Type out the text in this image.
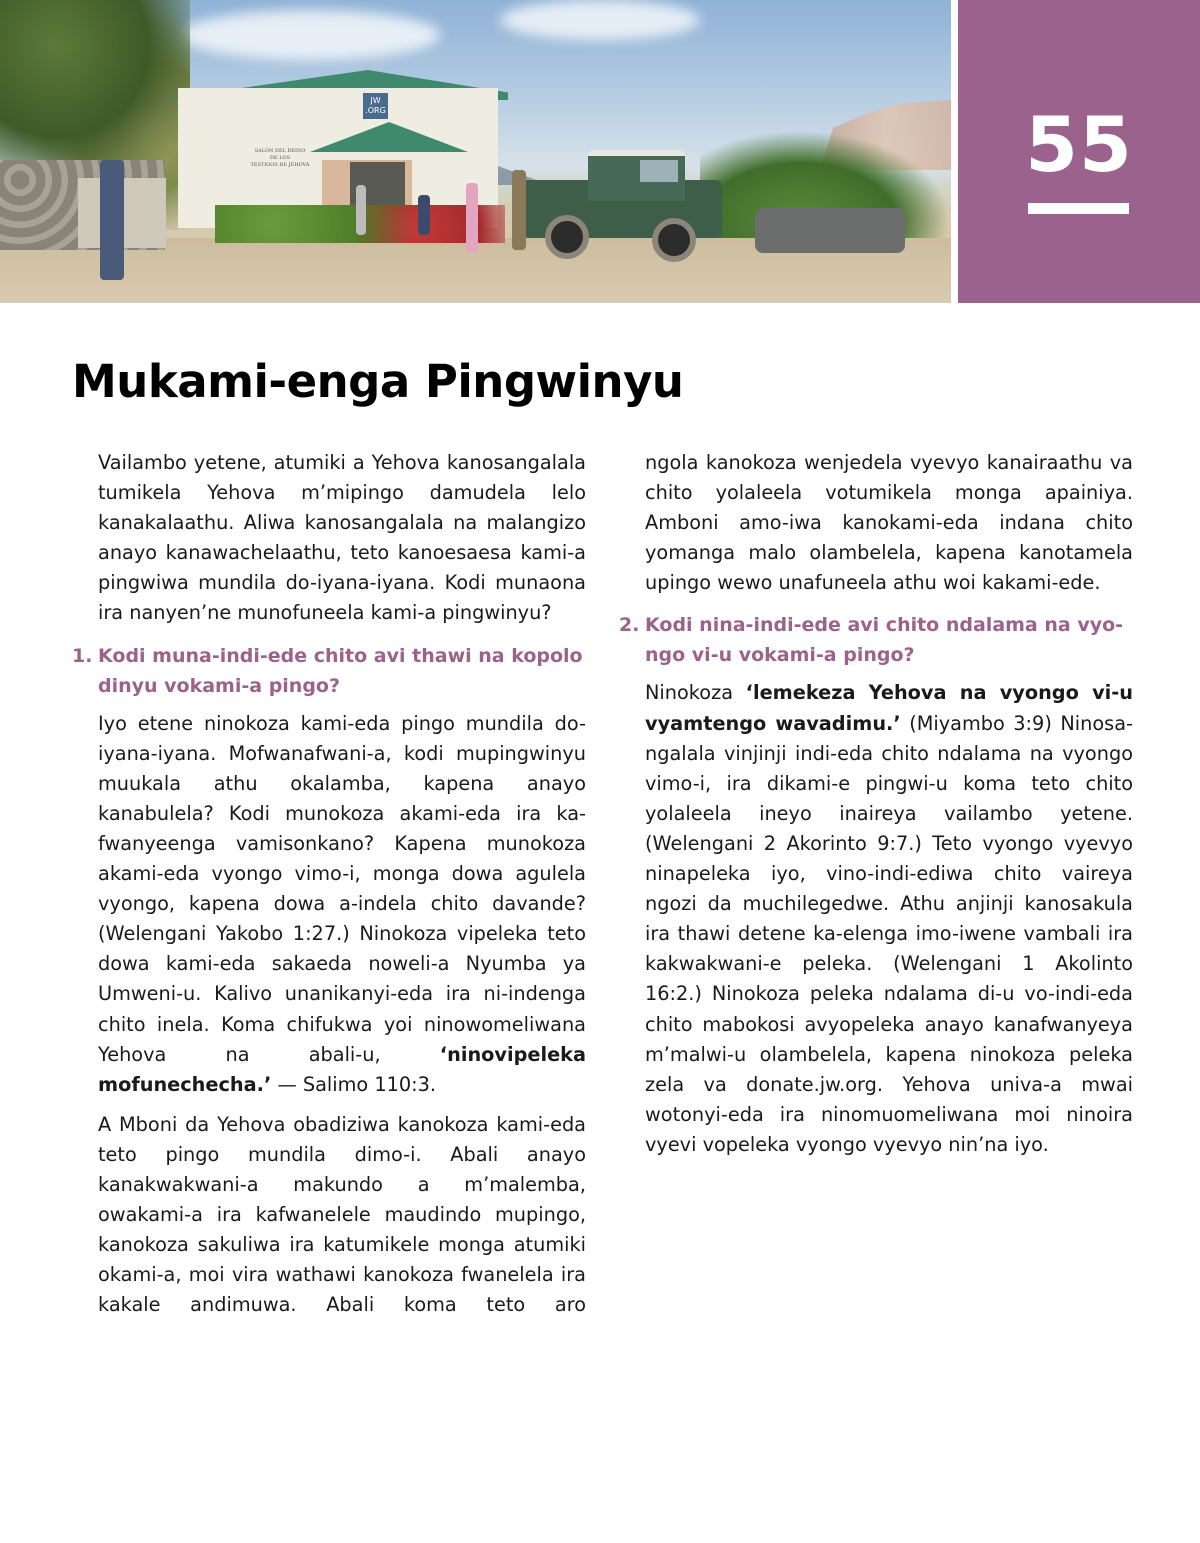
JW
.ORG
SALÓN DEL REINO
DE LOS
TESTIGOS DE JEHOVÁ	55
Mukami-enga Pingwinyu

Vailambo yetene, atumiki a Yehova kanosangalala tumikela Yehova m’mipingo damudela lelo kanakalaathu. Aliwa kanosangalala na malangizo anayo kanawachelaathu, teto kanoesaesa kami-a pingwiwa mundila do-iyana-iyana. Kodi munaona ira nanyen’ne munofuneela kami-a pingwinyu?

1. Kodi muna-indi-ede chito avi thawi na kopolo dinyu vokami-a pingo?

Iyo etene ninokoza kami-eda pingo mundila do-iyana-iyana. Mofwanafwani-a, kodi mupingwinyu muukala athu okalamba, kapena anayo kanabulela? Kodi munokoza akami-eda ira kafwanyeenga vamisonkano? Kapena munokoza akami-eda vyongo vimo-i, monga dowa agulela vyongo, kapena dowa a-indela chito davande? (Welengani Yakobo 1:27.) Ninokoza vipeleka teto dowa kami-eda sakaeda noweli-a Nyumba ya Umweni-u. Kalivo unanikanyi-eda ira ni-indenga chito inela. Koma chifukwa yoi ninowomeliwana Yehova na abali-u, ‘ninovipeleka mofunechecha.’ — Salimo 110:3.

A Mboni da Yehova obadiziwa kanokoza kami-eda teto pingo mundila dimo-i. Abali anayo kanakwakwani-a makundo a m’malemba, owakami-a ira kafwanelele maudindo mupingo, kanokoza sakuliwa ira katumikele monga atumiki okami-a, moi vira wathawi kanokoza fwanelela ira kakale andimuwa. Abali koma teto aro

ngola kanokoza wenjedela vyevyo kanairaathu va chito yolaleela votumikela monga apainiya. Amboni amo-iwa kanokami-eda indana chito yomanga malo olambelela, kapena kanotamela upingo wewo unafuneela athu woi kakami-ede.

2. Kodi nina-indi-ede avi chito ndalama na vyongo vi-u vokami-a pingo?

Ninokoza ‘lemekeza Yehova na vyongo vi-u vyamtengo wavadimu.’ (Miyambo 3:9) Ninosangalala vinjinji indi-eda chito ndalama na vyongo vimo-i, ira dikami-e pingwi-u koma teto chito yolaleela ineyo inaireya vailambo yetene. (Welengani 2 Akorinto 9:7.) Teto vyongo vyevyo ninapeleka iyo, vino-indi-ediwa chito vaireya ngozi da muchilegedwe. Athu anjinji kanosakula ira thawi detene ka-elenga imo-iwene vambali ira kakwakwani-e peleka. (Welengani 1 Akolinto 16:2.) Ninokoza peleka ndalama di-u vo-indi-eda chito mabokosi avyopeleka anayo kanafwanyeya m’malwi-u olambelela, kapena ninokoza peleka zela va donate.jw.org. Yehova univa-a mwai wotonyi-eda ira ninomuomeliwana moi ninoira vyevi vopeleka vyongo vyevyo nin’na iyo.
